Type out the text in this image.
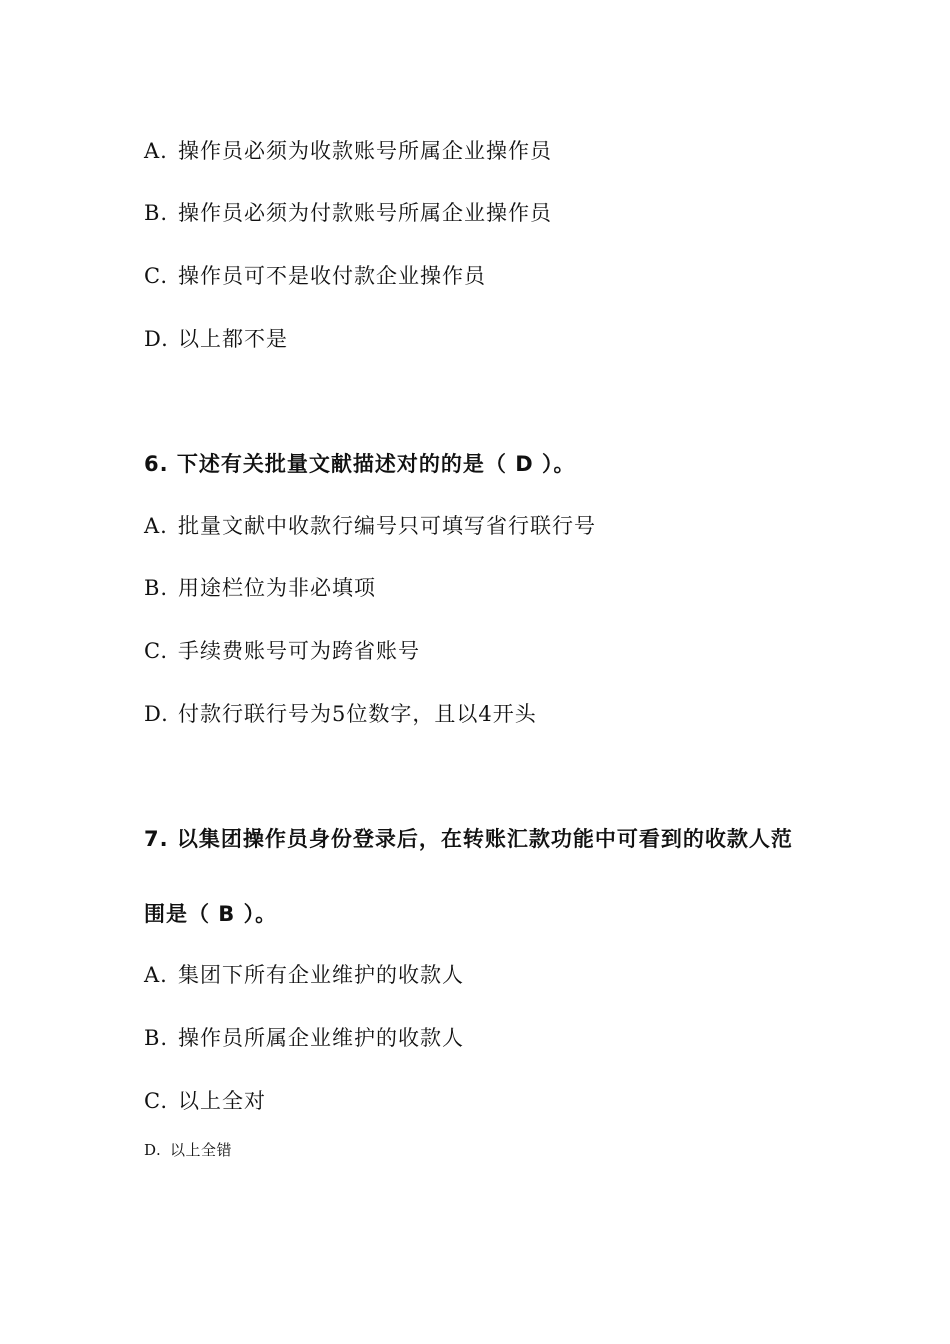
A. 操作员必须为收款账号所属企业操作员
B. 操作员必须为付款账号所属企业操作员
C. 操作员可不是收付款企业操作员
D. 以上都不是
6. 下述有关批量文献描述对的的是（ D ）。
A. 批量文献中收款行编号只可填写省行联行号
B. 用途栏位为非必填项
C. 手续费账号可为跨省账号
D. 付款行联行号为5位数字，且以4开头
7. 以集团操作员身份登录后，在转账汇款功能中可看到的收款人范
围是（ B ）。
A. 集团下所有企业维护的收款人
B. 操作员所属企业维护的收款人
C. 以上全对
D. 以上全错
